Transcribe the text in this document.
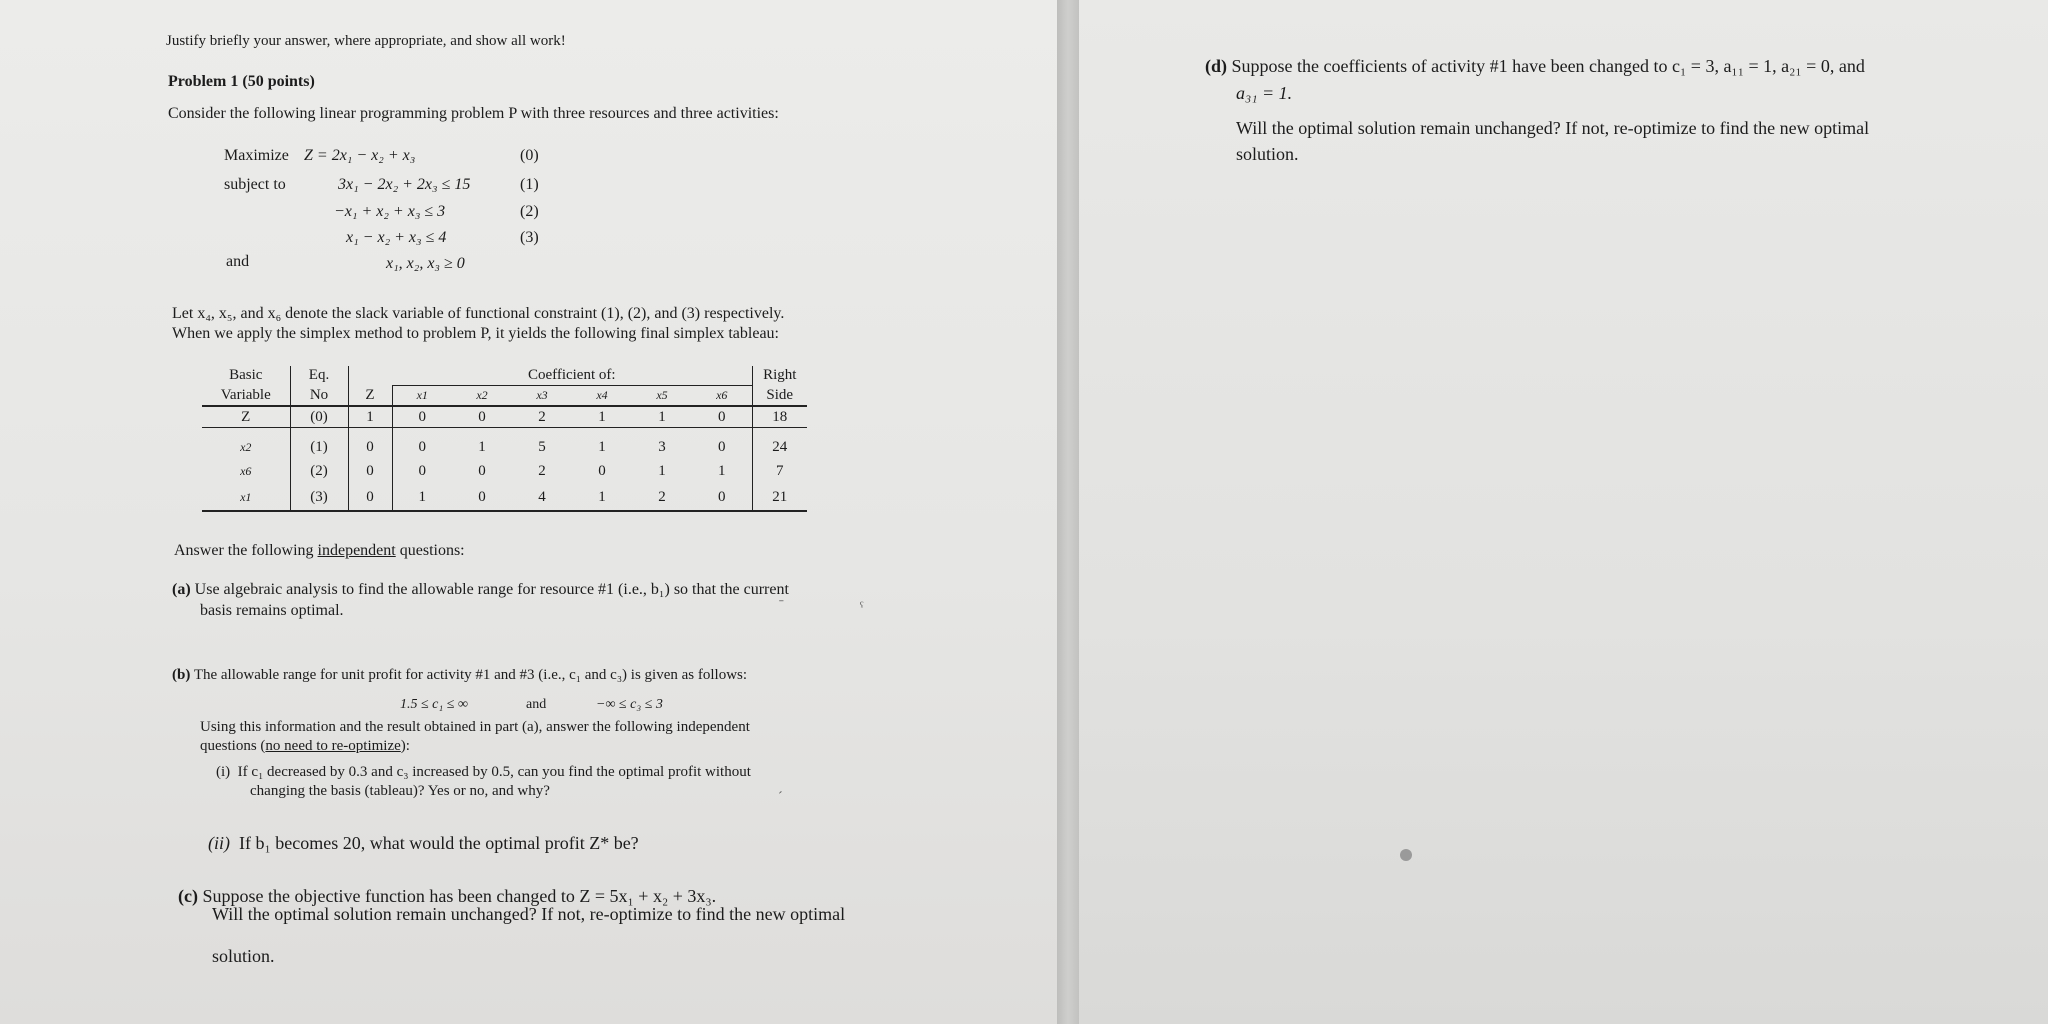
Justify briefly your answer, where appropriate, and show all work!
Problem 1 (50 points)
Consider the following linear programming problem P with three resources and three activities:
Maximize Z = 2x₁ − x₂ + x₃	(0)
subject to	3x₁ − 2x₂ + 2x₃ ≤ 15	(1)
−x₁ + x₂ + x₃ ≤ 3	(2)
x₁ − x₂ + x₃ ≤ 4	(3)
and	x₁, x₂, x₃ ≥ 0
Let x₄, x₅, and x₆ denote the slack variable of functional constraint (1), (2), and (3) respectively.
When we apply the simplex method to problem P, it yields the following final simplex tableau:
Basic	Eq.		Coefficient of:						Right
Variable	No	Z	x1	x2	x3	x4	x5	x6	Side
Z	(0)	1	0	0	2	1	1	0	18
x2	(1)	0	0	1	5	1	3	0	24
x6	(2)	0	0	0	2	0	1	1	7
x1	(3)	0	1	0	4	1	2	0	21
Answer the following independent questions:
(a) Use algebraic analysis to find the allowable range for resource #1 (i.e., b₁) so that the current
basis remains optimal.
(b) The allowable range for unit profit for activity #1 and #3 (i.e., c₁ and c₃) is given as follows:
1.5 ≤ c₁ ≤ ∞	and	−∞ ≤ c₃ ≤ 3
Using this information and the result obtained in part (a), answer the following independent
questions (no need to re-optimize):
(i) If c₁ decreased by 0.3 and c₃ increased by 0.5, can you find the optimal profit without
changing the basis (tableau)? Yes or no, and why?
(ii) If b₁ becomes 20, what would the optimal profit Z* be?
(c) Suppose the objective function has been changed to Z = 5x₁ + x₂ + 3x₃.
Will the optimal solution remain unchanged? If not, re-optimize to find the new optimal
solution.
ˉ	ˁ
ˊ
(d) Suppose the coefficients of activity #1 have been changed to c₁ = 3, a₁₁ = 1, a₂₁ = 0, and
a₃₁ = 1.
Will the optimal solution remain unchanged? If not, re-optimize to find the new optimal
solution.
